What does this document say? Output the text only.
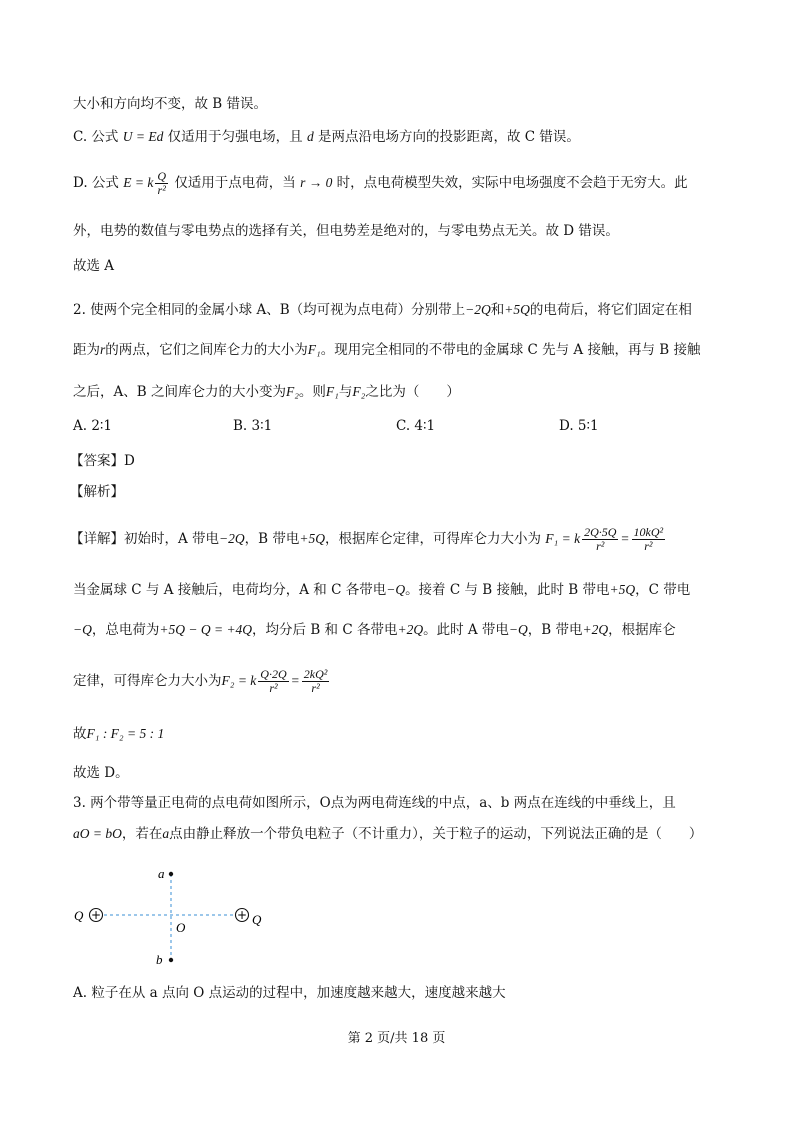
大小和方向均不变，故 B 错误。
C. 公式 U = Ed 仅适用于匀强电场，且 d 是两点沿电场方向的投影距离，故 C 错误。
D. 公式 E = k $\frac{Q}{\text{r²}}$ 仅适用于点电荷，当 r → 0 时，点电荷模型失效，实际中电场强度不会趋于无穷大。此
外，电势的数值与零电势点的选择有关，但电势差是绝对的，与零电势点无关。故 D 错误。
故选 A
2. 使两个完全相同的金属小球 A、B（均可视为点电荷）分别带上−2Q和+5Q的电荷后，将它们固定在相
距为r的两点，它们之间库仑力的大小为F₁。现用完全相同的不带电的金属球 C 先与 A 接触，再与 B 接触
之后，A、B 之间库仑力的大小变为F₂。则F₁与F₂之比为（　　）
A. 2∶1	B. 3∶1	C. 4∶1	D. 5∶1
【答案】D
【解析】
【详解】初始时，A 带电−2Q，B 带电+5Q，根据库仑定律，可得库仑力大小为 F₁ = k $\frac{2Q\cdot 5Q}{\text{r²}} = \frac{\text{10kQ²}}{\text{r²}}$
当金属球 C 与 A 接触后，电荷均分，A 和 C 各带电−Q。接着 C 与 B 接触，此时 B 带电+5Q，C 带电
−Q，总电荷为+5Q − Q = +4Q，均分后 B 和 C 各带电+2Q。此时 A 带电−Q，B 带电+2Q，根据库仑
定律，可得库仑力大小为F₂ = k $\frac{Q\cdot 2Q}{\text{r²}} = \frac{\text{2kQ²}}{\text{r²}}$
故F₁ : F₂ = 5 : 1
故选 D。
3. 两个带等量正电荷的点电荷如图所示，O点为两电荷连线的中点，a、b 两点在连线的中垂线上，且
aO = bO，若在a点由静止释放一个带负电粒子（不计重力），关于粒子的运动，下列说法正确的是（　　）
+	+
a
b
O
Q	Q
A. 粒子在从 a 点向 O 点运动的过程中，加速度越来越大，速度越来越大
第 2 页/共 18 页
